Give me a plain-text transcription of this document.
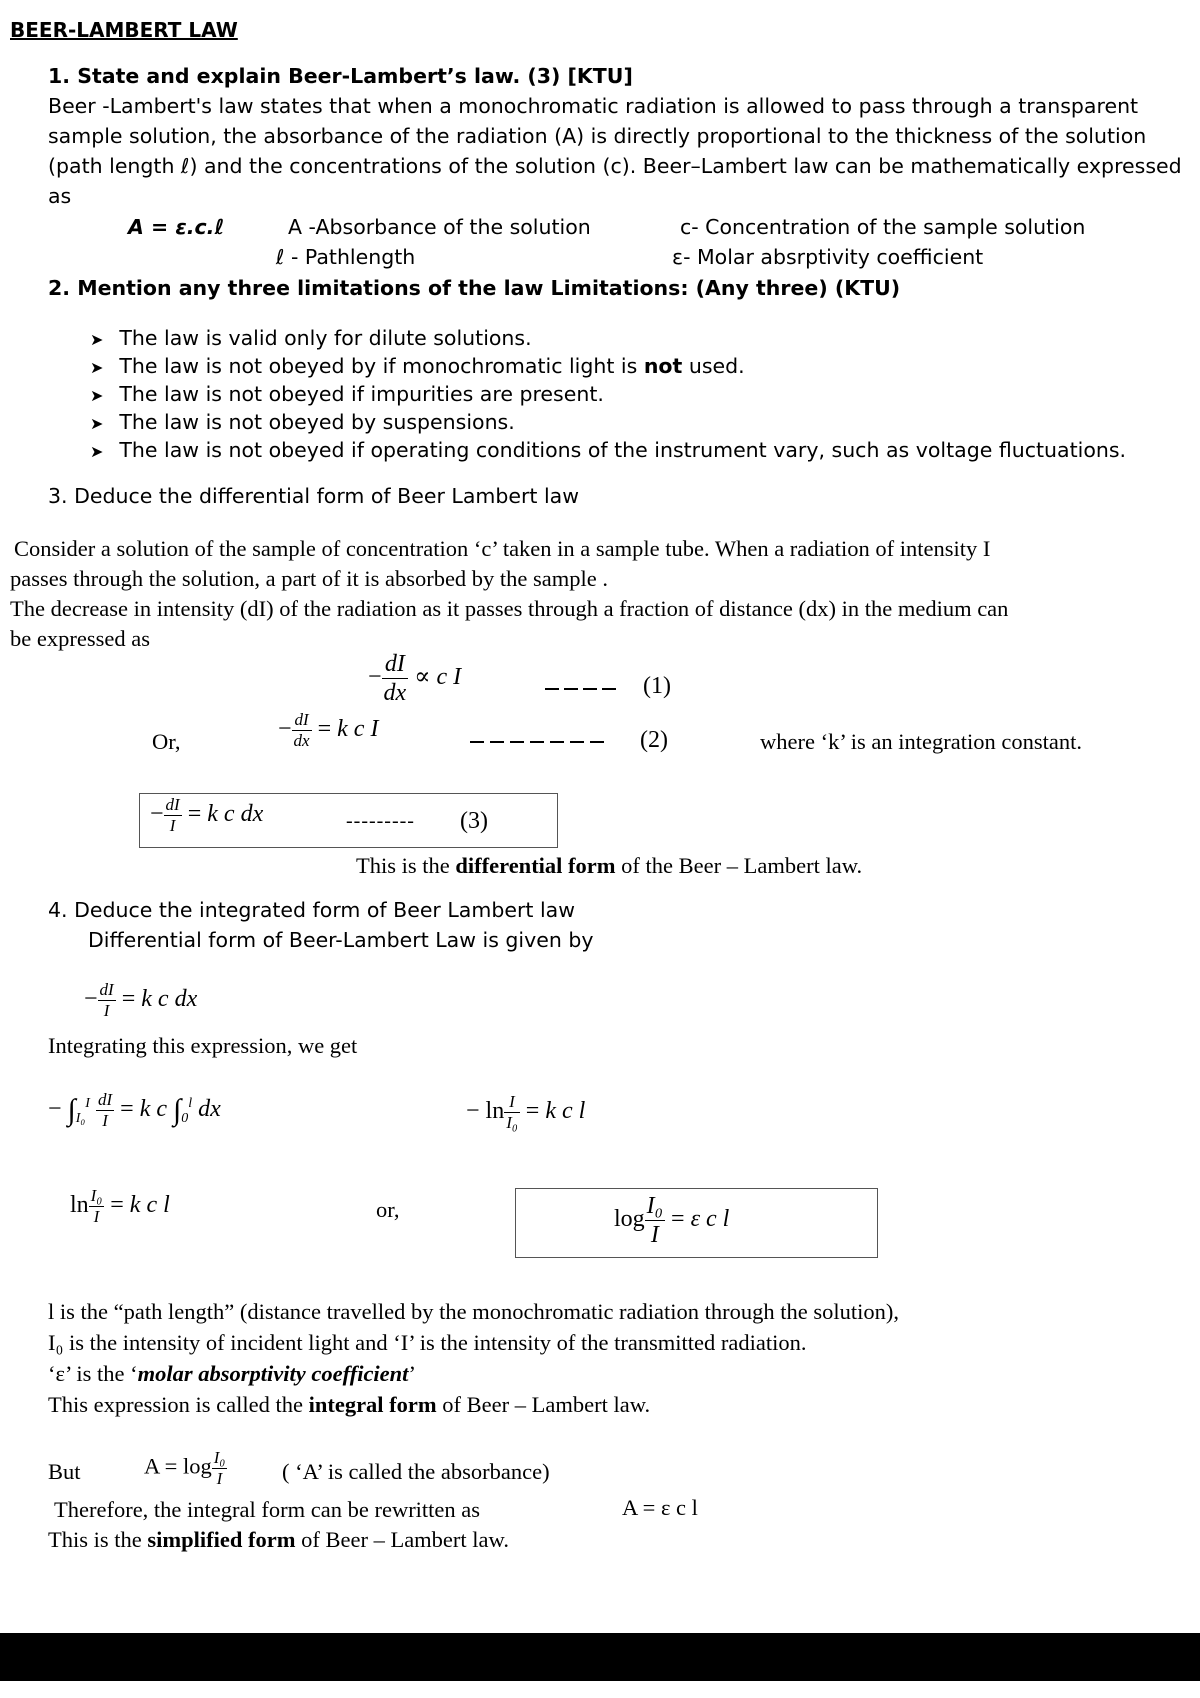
BEER-LAMBERT LAW
1. State and explain Beer-Lambert’s law. (3) [KTU]
Beer -Lambert's law states that when a monochromatic radiation is allowed to pass through a transparent
sample solution, the absorbance of the radiation (A) is directly proportional to the thickness of the solution
(path length ℓ) and the concentrations of the solution (c). Beer–Lambert law can be mathematically expressed
as
A = ε.c.ℓ	A -Absorbance of the solution	c- Concentration of the sample solution
ℓ - Pathlength	ε- Molar absrptivity coefficient
2. Mention any three limitations of the law Limitations: (Any three) (KTU)
➤ The law is valid only for dilute solutions.
➤ The law is not obeyed by if monochromatic light is not used.
➤ The law is not obeyed if impurities are present.
➤ The law is not obeyed by suspensions.
➤ The law is not obeyed if operating conditions of the instrument vary, such as voltage fluctuations.
3. Deduce the differential form of Beer Lambert law
Consider a solution of the sample of concentration ‘c’ taken in a sample tube. When a radiation of intensity I
passes through the solution, a part of it is absorbed by the sample .
The decrease in intensity (dI) of the radiation as it passes through a fraction of distance (dx) in the medium can
be expressed as
− $\frac{dI}{dx} \propto c$ I	(1)
Or,	− $\frac{dI}{dx} = k$ c I	(2)	where ‘k’ is an integration constant.
− $\frac{dI}{I} = k$ c dx	--------- (3)
This is the differential form of the Beer – Lambert law.
4. Deduce the integrated form of Beer Lambert law
Differential form of Beer-Lambert Law is given by
− $\frac{dI}{I} = k$ c dx
Integrating this expression, we get
− $\int_{I_0}^I \frac{dI}{I} = k$ c $\int_0^l$ dx	− $\ln \frac{I}{\text{I₀}} = k$ c l
$\ln \frac{\text{I₀}}{I} = k$ c l	or,	$\log \frac{\text{I₀}}{I} = \varepsilon$ c l
l is the “path length” (distance travelled by the monochromatic radiation through the solution),
I₀ is the intensity of incident light and ‘I’ is the intensity of the transmitted radiation.
‘ε’ is the ‘molar absorptivity coefficient’
This expression is called the integral form of Beer – Lambert law.
But	$A = \log \frac{\text{I₀}}{I}$ ( ‘A’ is called the absorbance)
Therefore, the integral form can be rewritten as	A = ε c l
This is the simplified form of Beer – Lambert law.
